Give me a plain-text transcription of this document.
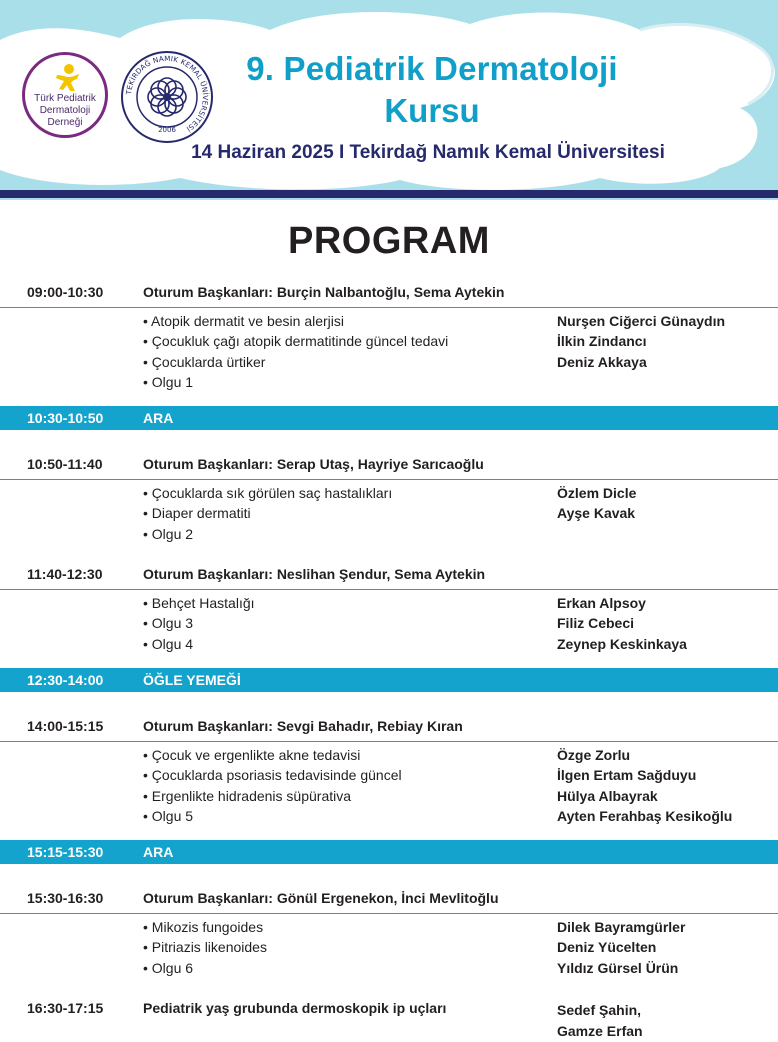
Türk Pediatrik
Dermatoloji
Derneği
TEKİRDAĞ NAMIK KEMAL ÜNİVERSİTESİ
2006
9. Pediatrik Dermatoloji
Kursu
14 Haziran 2025 I Tekirdağ Namık Kemal Üniversitesi
PROGRAM
09:00-10:30	Oturum Başkanları: Burçin Nalbantoğlu, Sema Aytekin
• Atopik dermatit ve besin alerjisi	Nurşen Ciğerci Günaydın
• Çocukluk çağı atopik dermatitinde güncel tedavi	İlkin Zindancı
• Çocuklarda ürtiker	Deniz Akkaya
• Olgu 1
10:30-10:50	ARA
10:50-11:40	Oturum Başkanları: Serap Utaş, Hayriye Sarıcaoğlu
• Çocuklarda sık görülen saç hastalıkları	Özlem Dicle
• Diaper dermatiti	Ayşe Kavak
• Olgu 2
11:40-12:30	Oturum Başkanları: Neslihan Şendur, Sema Aytekin
• Behçet Hastalığı	Erkan Alpsoy
• Olgu 3	Filiz Cebeci
• Olgu 4	Zeynep Keskinkaya
12:30-14:00	ÖĞLE YEMEĞİ
14:00-15:15	Oturum Başkanları: Sevgi Bahadır, Rebiay Kıran
• Çocuk ve ergenlikte akne tedavisi	Özge Zorlu
• Çocuklarda psoriasis tedavisinde güncel	İlgen Ertam Sağduyu
• Ergenlikte hidradenis süpürativa	Hülya Albayrak
• Olgu 5	Ayten Ferahbaş Kesikoğlu
15:15-15:30	ARA
15:30-16:30	Oturum Başkanları: Gönül Ergenekon, İnci Mevlitoğlu
• Mikozis fungoides	Dilek Bayramgürler
• Pitriazis likenoides	Deniz Yücelten
• Olgu 6	Yıldız Gürsel Ürün
16:30-17:15	Pediatrik yaş grubunda dermoskopik ip uçları	Sedef Şahin,
Gamze Erfan
